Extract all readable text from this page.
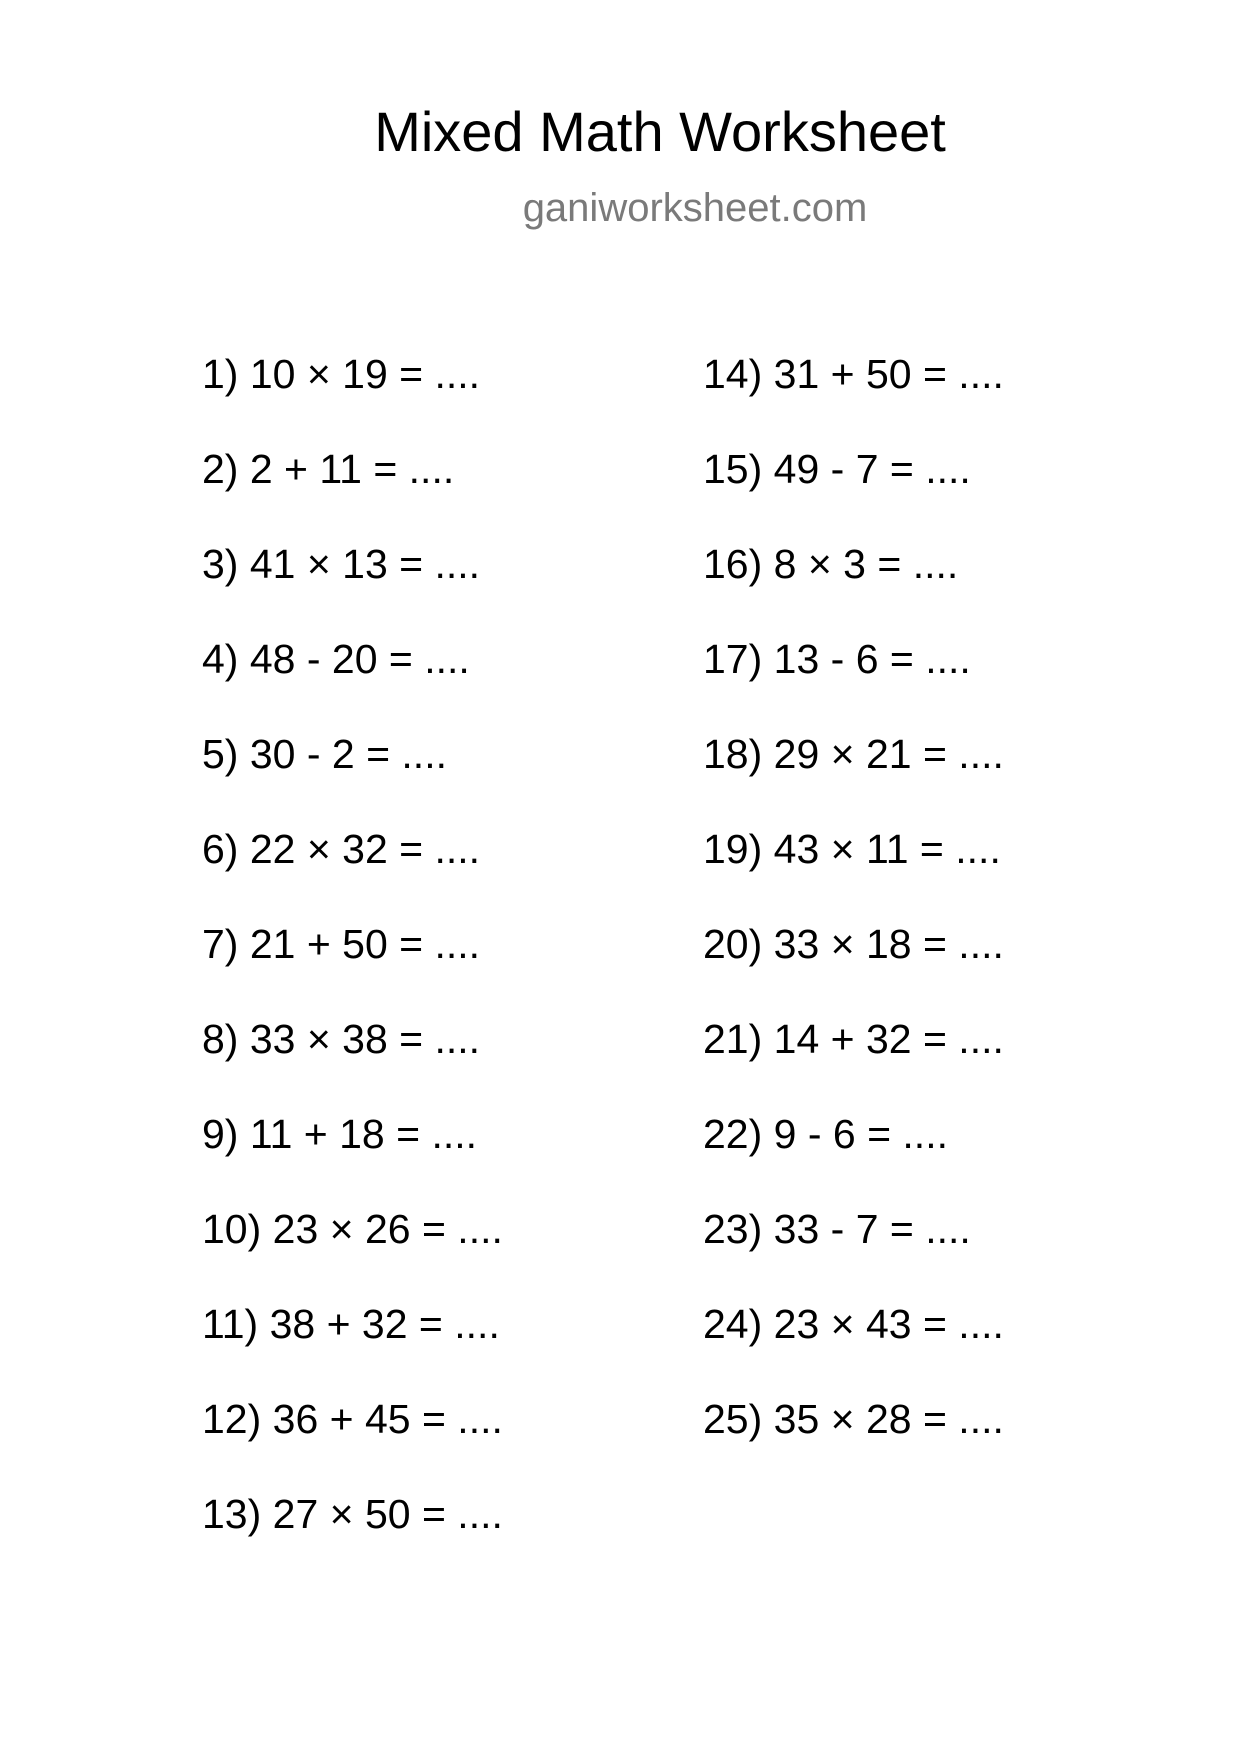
Mixed Math Worksheet
ganiworksheet.com
1) 10 × 19 = ....
2) 2 + 11 = ....
3) 41 × 13 = ....
4) 48 - 20 = ....
5) 30 - 2 = ....
6) 22 × 32 = ....
7) 21 + 50 = ....
8) 33 × 38 = ....
9) 11 + 18 = ....
10) 23 × 26 = ....
11) 38 + 32 = ....
12) 36 + 45 = ....
13) 27 × 50 = ....
14) 31 + 50 = ....
15) 49 - 7 = ....
16) 8 × 3 = ....
17) 13 - 6 = ....
18) 29 × 21 = ....
19) 43 × 11 = ....
20) 33 × 18 = ....
21) 14 + 32 = ....
22) 9 - 6 = ....
23) 33 - 7 = ....
24) 23 × 43 = ....
25) 35 × 28 = ....
